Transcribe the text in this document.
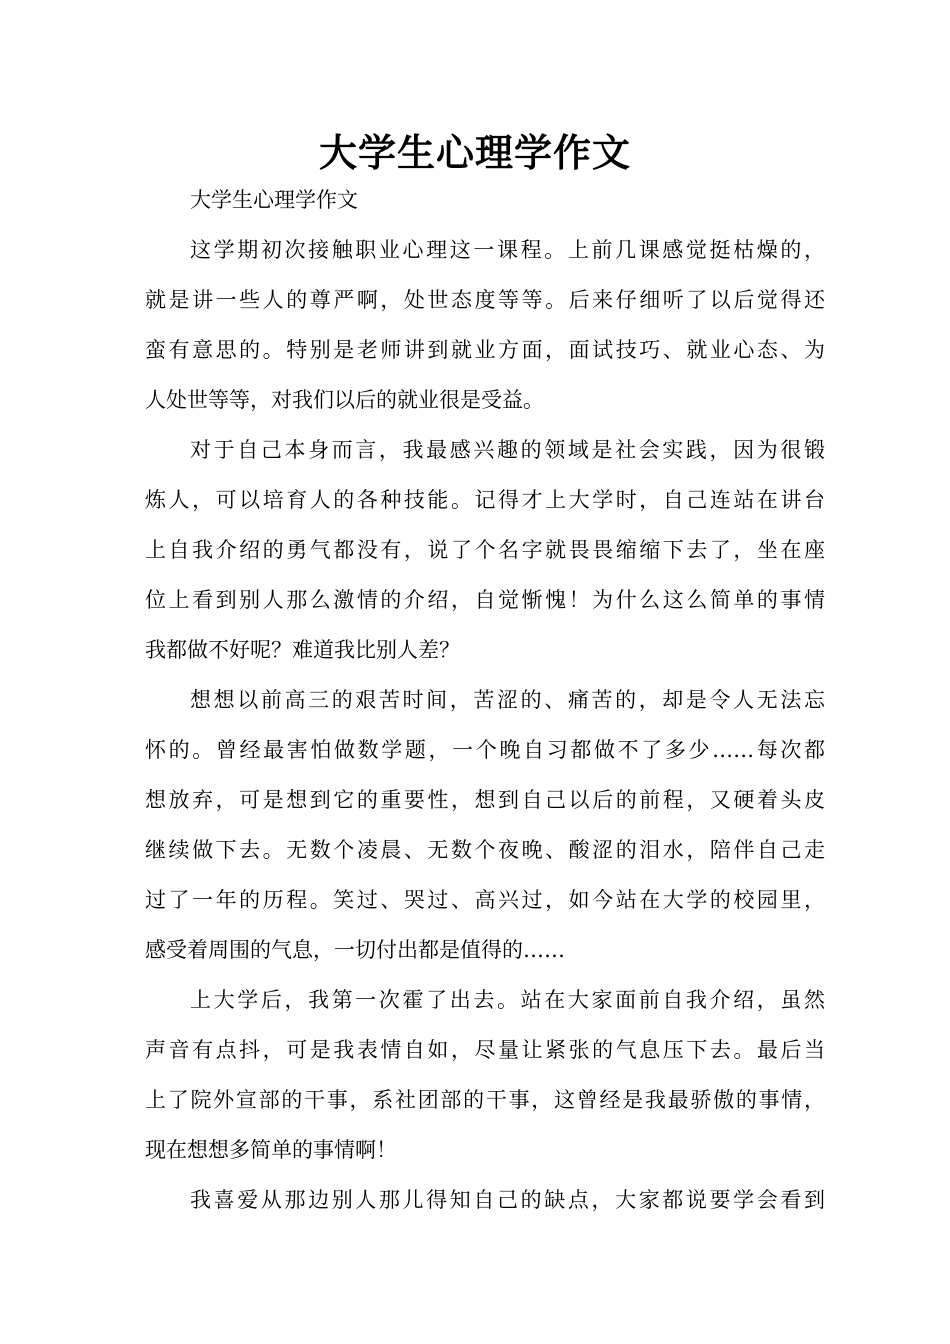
大学生心理学作文
大学生心理学作文
这学期初次接触职业心理这一课程。上前几课感觉挺枯燥的，
就是讲一些人的尊严啊，处世态度等等。后来仔细听了以后觉得还
蛮有意思的。特别是老师讲到就业方面，面试技巧、就业心态、为
人处世等等，对我们以后的就业很是受益。
对于自己本身而言，我最感兴趣的领域是社会实践，因为很锻
炼人，可以培育人的各种技能。记得才上大学时，自己连站在讲台
上自我介绍的勇气都没有，说了个名字就畏畏缩缩下去了，坐在座
位上看到别人那么激情的介绍，自觉惭愧！为什么这么简单的事情
我都做不好呢？难道我比别人差？
想想以前高三的艰苦时间，苦涩的、痛苦的，却是令人无法忘
怀的。曾经最害怕做数学题，一个晚自习都做不了多少……每次都
想放弃，可是想到它的重要性，想到自己以后的前程，又硬着头皮
继续做下去。无数个凌晨、无数个夜晚、酸涩的泪水，陪伴自己走
过了一年的历程。笑过、哭过、高兴过，如今站在大学的校园里，
感受着周围的气息，一切付出都是值得的……
上大学后，我第一次霍了出去。站在大家面前自我介绍，虽然
声音有点抖，可是我表情自如，尽量让紧张的气息压下去。最后当
上了院外宣部的干事，系社团部的干事，这曾经是我最骄傲的事情，
现在想想多简单的事情啊！
我喜爱从那边别人那儿得知自己的缺点，大家都说要学会看到
